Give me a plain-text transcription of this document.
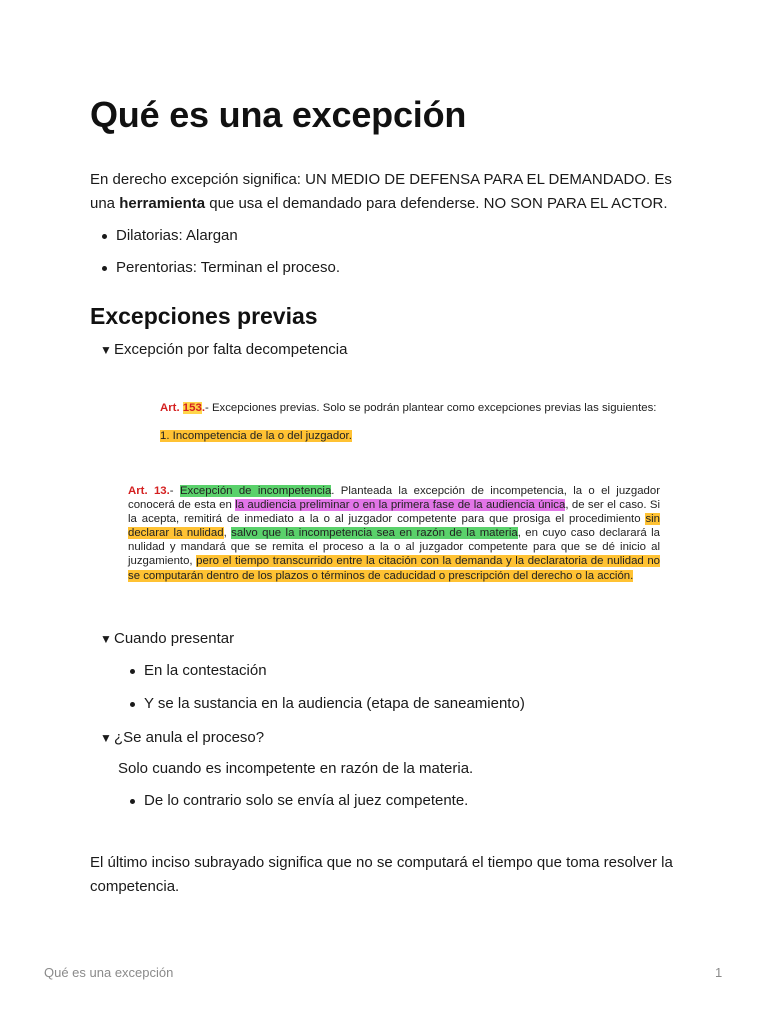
Qué es una excepción

En derecho excepción significa: UN MEDIO DE DEFENSA PARA EL DEMANDADO. Es una herramienta que usa el demandado para defenderse. NO SON PARA EL ACTOR.

Dilatorias: Alargan
Perentorias: Terminan el proceso.
Excepciones previas
▼ Excepción por falta decompetencia
Art. 153.- Excepciones previas. Solo se podrán plantear como excepciones previas las siguientes:
1. Incompetencia de la o del juzgador.
Art. 13.- Excepción de incompetencia. Planteada la excepción de incompetencia, la o el juzgador conocerá de esta en la audiencia preliminar o en la primera fase de la audiencia única, de ser el caso. Si la acepta, remitirá de inmediato a la o al juzgador competente para que prosiga el procedimiento sin declarar la nulidad, salvo que la incompetencia sea en razón de la materia, en cuyo caso declarará la nulidad y mandará que se remita el proceso a la o al juzgador competente para que se dé inicio al juzgamiento, pero el tiempo transcurrido entre la citación con la demanda y la declaratoria de nulidad no se computarán dentro de los plazos o términos de caducidad o prescripción del derecho o la acción.
▼ Cuando presentar
En la contestación
Y se la sustancia en la audiencia (etapa de saneamiento)
▼ ¿Se anula el proceso?
Solo cuando es incompetente en razón de la materia.
De lo contrario solo se envía al juez competente.

El último inciso subrayado significa que no se computará el tiempo que toma resolver la competencia.

Qué es una excepción	1
